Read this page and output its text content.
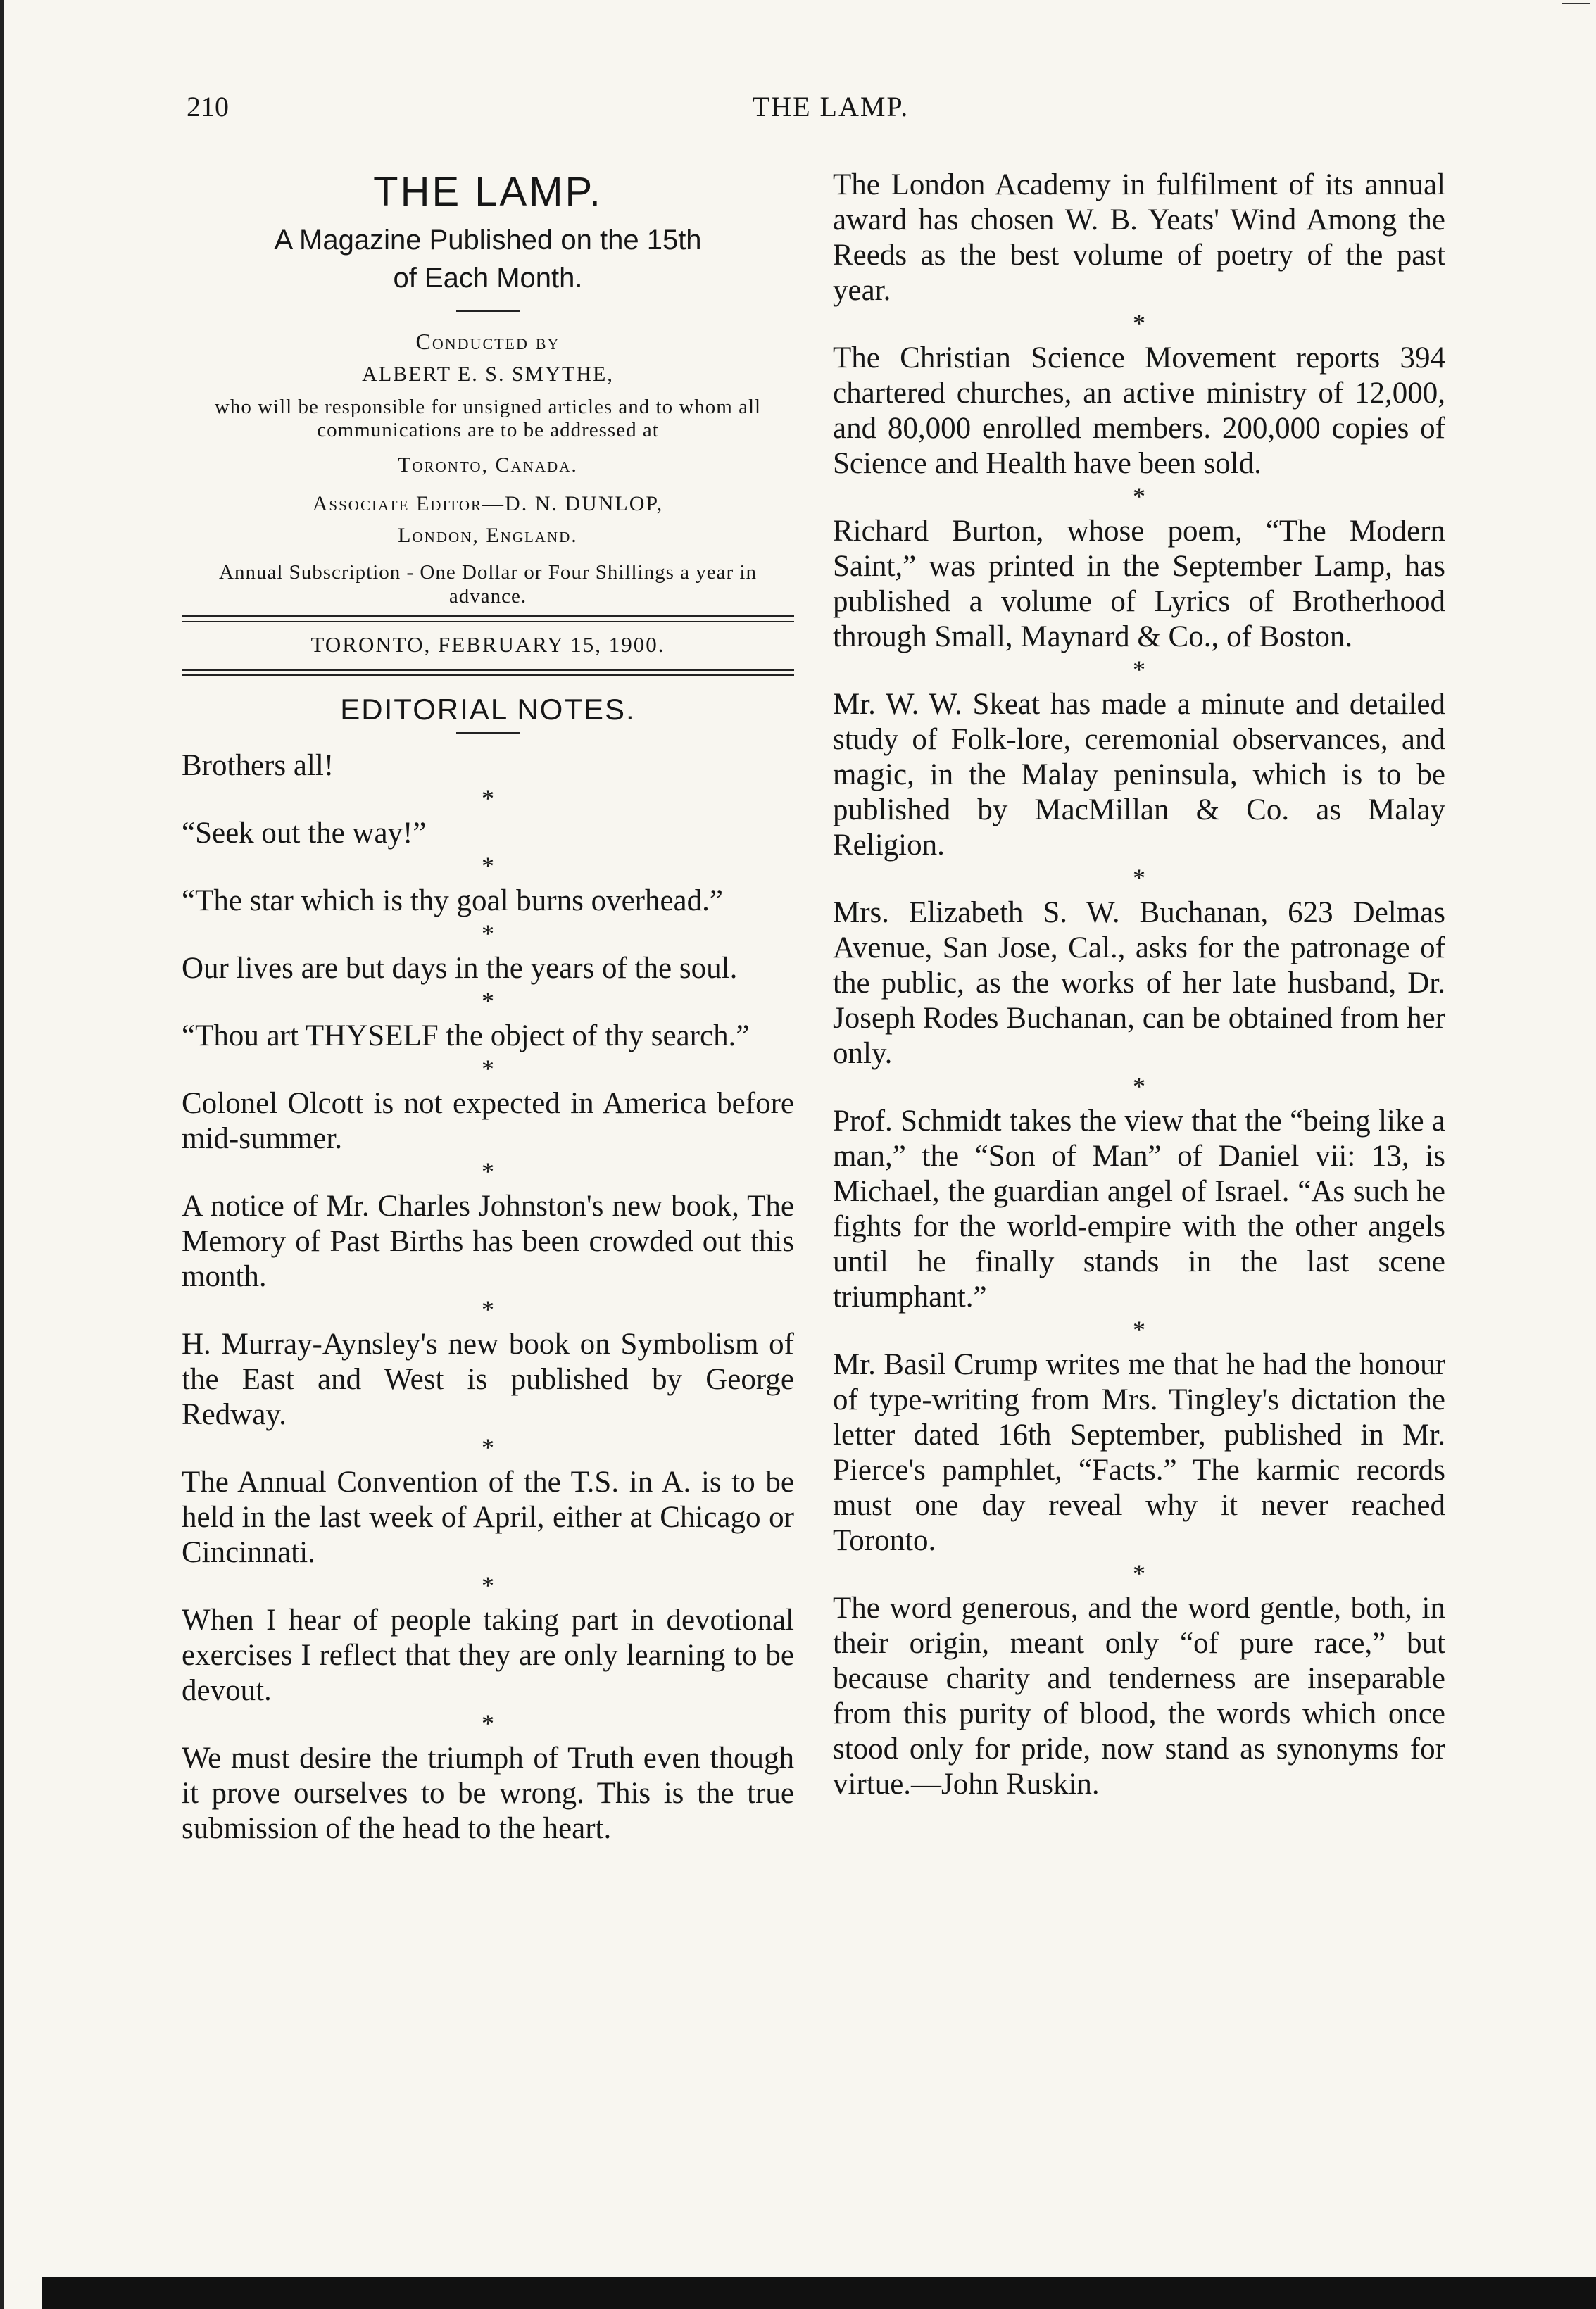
210	THE LAMP.
THE LAMP.

A Magazine Published on the 15th

of Each Month.

Conducted by

ALBERT E. S. SMYTHE,

who will be responsible for unsigned articles and to whom all communications are to be addressed at

Toronto, Canada.

Associate Editor—D. N. DUNLOP,

London, England.

Annual Subscription - One Dollar or Four Shillings a year in advance.

TORONTO, FEBRUARY 15, 1900.

EDITORIAL NOTES.

Brothers all!

*

“Seek out the way!”

*

“The star which is thy goal burns overhead.”

*

Our lives are but days in the years of the soul.

*

“Thou art THYSELF the object of thy search.”

*

Colonel Olcott is not expected in America before mid-summer.

*

A notice of Mr. Charles Johnston's new book, The Memory of Past Births has been crowded out this month.

*

H. Murray-Aynsley's new book on Symbolism of the East and West is published by George Redway.

*

The Annual Convention of the T.S. in A. is to be held in the last week of April, either at Chicago or Cincinnati.

*

When I hear of people taking part in devotional exercises I reflect that they are only learning to be devout.

*

We must desire the triumph of Truth even though it prove ourselves to be wrong. This is the true submission of the head to the heart.

The London Academy in fulfilment of its annual award has chosen W. B. Yeats' Wind Among the Reeds as the best volume of poetry of the past year.

*

The Christian Science Movement reports 394 chartered churches, an active ministry of 12,000, and 80,000 enrolled members. 200,000 copies of Science and Health have been sold.

*

Richard Burton, whose poem, “The Modern Saint,” was printed in the September Lamp, has published a volume of Lyrics of Brotherhood through Small, Maynard & Co., of Boston.

*

Mr. W. W. Skeat has made a minute and detailed study of Folk-lore, ceremonial observances, and magic, in the Malay peninsula, which is to be published by MacMillan & Co. as Malay Religion.

*

Mrs. Elizabeth S. W. Buchanan, 623 Delmas Avenue, San Jose, Cal., asks for the patronage of the public, as the works of her late husband, Dr. Joseph Rodes Buchanan, can be obtained from her only.

*

Prof. Schmidt takes the view that the “being like a man,” the “Son of Man” of Daniel vii: 13, is Michael, the guardian angel of Israel. “As such he fights for the world-empire with the other angels until he finally stands in the last scene triumphant.”

*

Mr. Basil Crump writes me that he had the honour of type-writing from Mrs. Tingley's dictation the letter dated 16th September, published in Mr. Pierce's pamphlet, “Facts.” The karmic records must one day reveal why it never reached Toronto.

*

The word generous, and the word gentle, both, in their origin, meant only “of pure race,” but because charity and tenderness are inseparable from this purity of blood, the words which once stood only for pride, now stand as synonyms for virtue.—John Ruskin.
